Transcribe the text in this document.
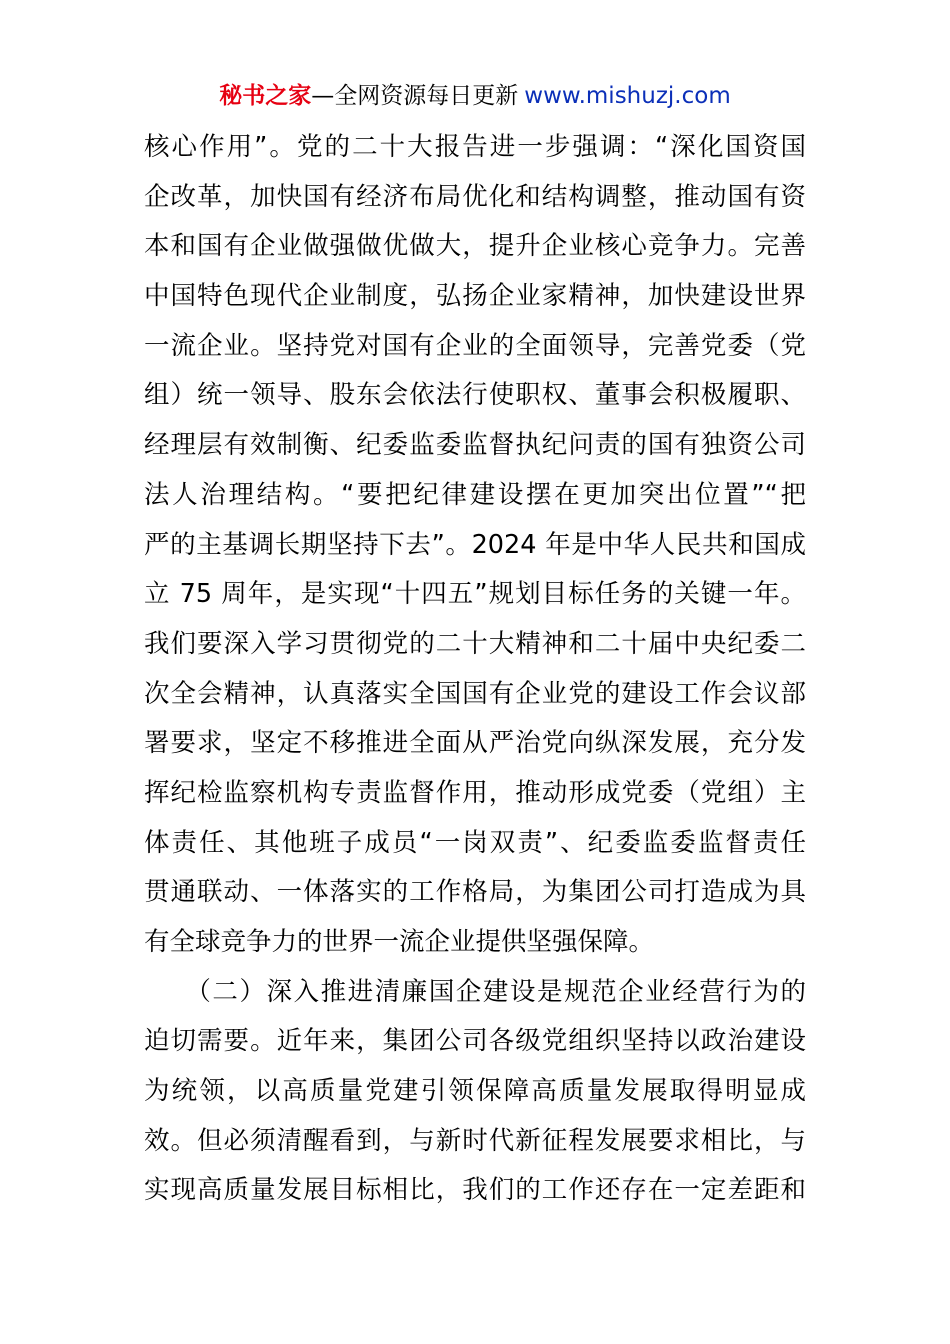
秘书之家—全网资源每日更新 www.mishuzj.com
核心作用”。党的二十大报告进一步强调：“深化国资国
企改革，加快国有经济布局优化和结构调整，推动国有资
本和国有企业做强做优做大，提升企业核心竞争力。完善
中国特色现代企业制度，弘扬企业家精神，加快建设世界
一流企业。坚持党对国有企业的全面领导，完善党委（党
组）统一领导、股东会依法行使职权、董事会积极履职、
经理层有效制衡、纪委监委监督执纪问责的国有独资公司
法人治理结构。“要把纪律建设摆在更加突出位置”“把
严的主基调长期坚持下去”。2024 年是中华人民共和国成
立 75 周年，是实现“十四五”规划目标任务的关键一年。
我们要深入学习贯彻党的二十大精神和二十届中央纪委二
次全会精神，认真落实全国国有企业党的建设工作会议部
署要求，坚定不移推进全面从严治党向纵深发展，充分发
挥纪检监察机构专责监督作用，推动形成党委（党组）主
体责任、其他班子成员“一岗双责”、纪委监委监督责任
贯通联动、一体落实的工作格局，为集团公司打造成为具
有全球竞争力的世界一流企业提供坚强保障。
　　（二）深入推进清廉国企建设是规范企业经营行为的
迫切需要。近年来，集团公司各级党组织坚持以政治建设
为统领，以高质量党建引领保障高质量发展取得明显成
效。但必须清醒看到，与新时代新征程发展要求相比，与
实现高质量发展目标相比，我们的工作还存在一定差距和
